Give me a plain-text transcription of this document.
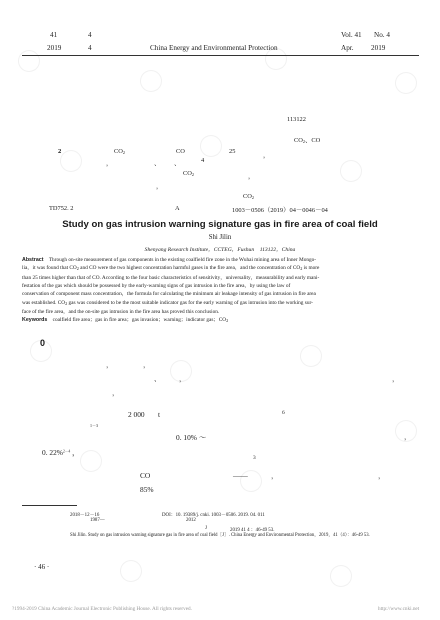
41	4
2019	4	China Energy and Environmental Protection
Vol. 41 No. 4
Apr. 2019
113122
$CO_2$、CO
2	$CO_2$	CO	25
，
，	、 、	4
$CO_2$	，
，
$CO_2$
TD752. 2	A	1003－0506（2019）04－0046－04
Study on gas intrusion warning signature gas in fire area of coal field
Shi Jilin
Shenyang Research Institute，CCTEG，Fushun　113122，China
Abstract　 Through on-site measurement of gas components in the existing coalfield fire zone in the Wuhai mining area of Inner Mongo-
lia，it was found that $CO_2$ and CO were the two highest concentration harmful gases in the fire area，and the concentration of $CO_2$ is more
than 25 times higher than that of CO. According to the four basic characteristics of sensitivity，universality，measurability and early mani-
festation of the gas which should be possessed by the early-warning signs of gas intrusion in the fire area，by using the law of
conservation of component mass concentration，the formula for calculating the minimum air leakage intensity of gas intrusion in fire area
was established. $CO_2$ gas was considered to be the most suitable indicator gas for the early warning of gas intrusion into the working sur-
face of the fire area，and the on-site gas intrusion in the fire area has proved this conclusion.
Keywords　 coalfield fire area；gas in fire area；gas invasion；warning；indicator gas；$CO_2$
0
，	，
、	，
，
，
1－3
2 000 t	6
0. 10% ～
0. 22%$^{2-4}$ ，
，
3
CO	——	，
85%
，
2018－12－16	DOI：10. 19389/j. cnki. 1003－0506. 2019. 04. 011
1987—	2012
J	2019 41 4 ：46-49 53.
Shi Jilin. Study on gas intrusion warning signature gas in fire area of coal field［J］. China Energy and Environmental Protection，2019，41（4）：46-49 53.
· 46 ·
?1994-2019 China Academic Journal Electronic Publishing House. All rights reserved.	http://www.cnki.net
